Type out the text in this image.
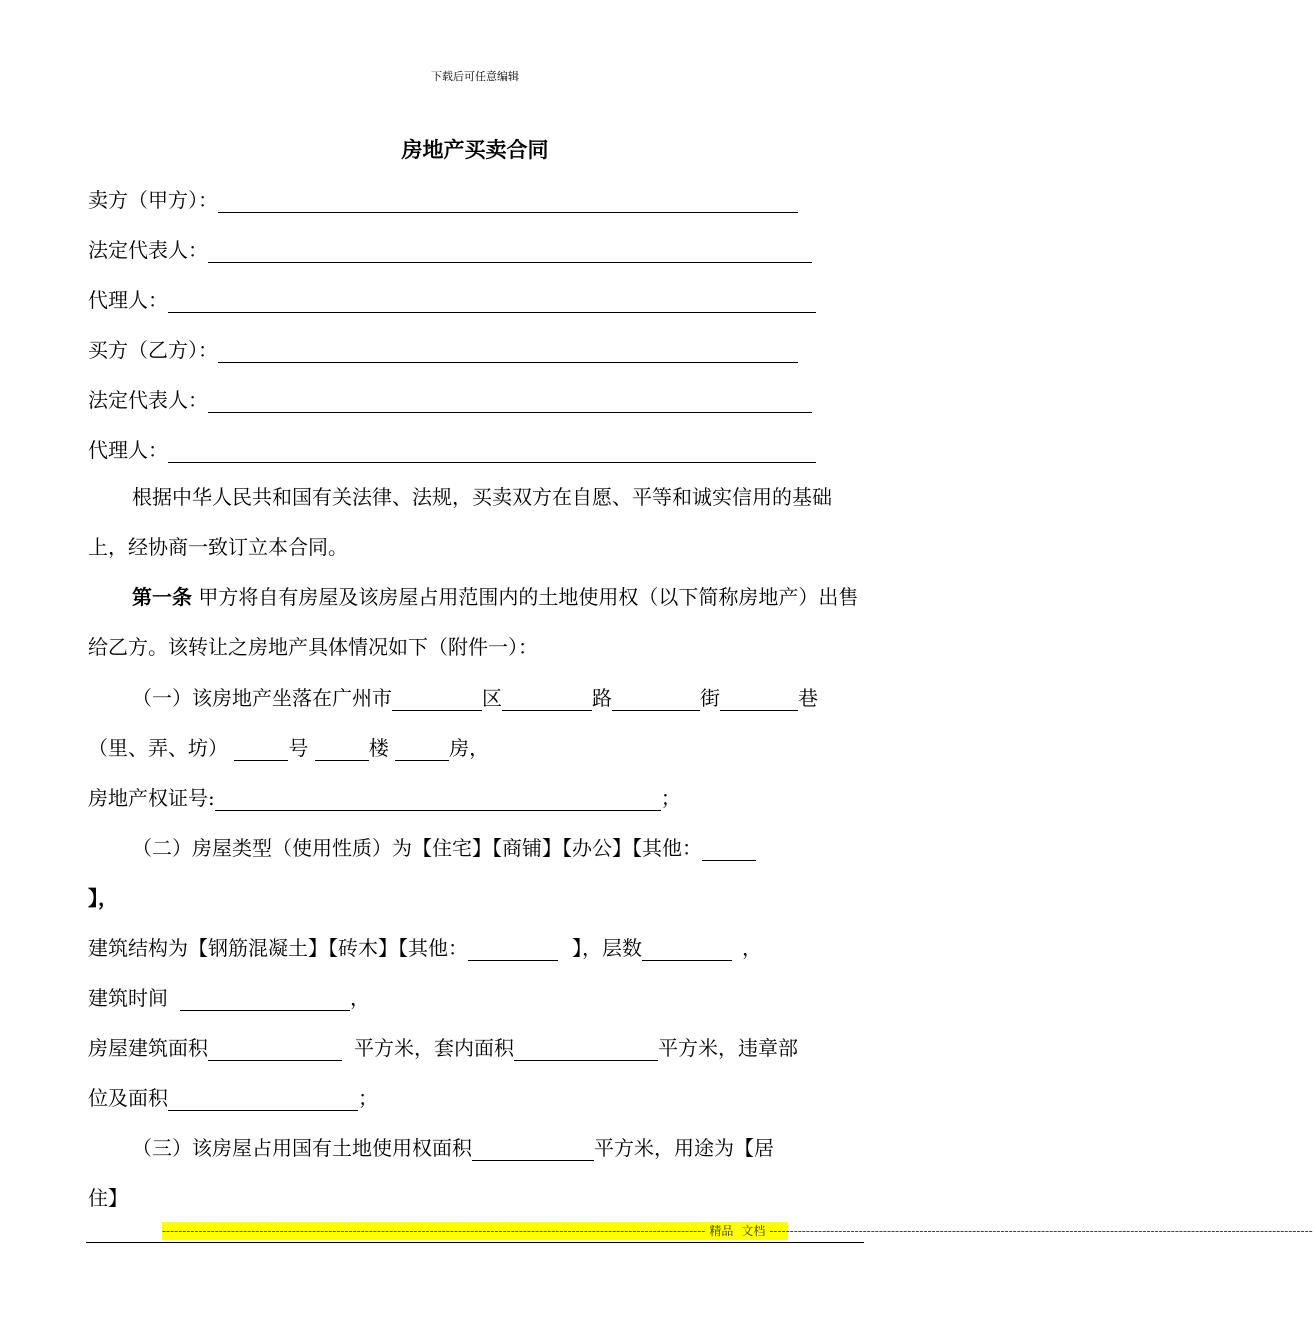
下载后可任意编辑
房地产买卖合同
卖方（甲方）：
法定代表人：
代理人：
买方（乙方）：
法定代表人：
代理人：
根据中华人民共和国有关法律、法规，买卖双方在自愿、平等和诚实信用的基础上，经协商一致订立本合同。
第一条 甲方将自有房屋及该房屋占用范围内的土地使用权（以下简称房地产）出售给乙方。该转让之房地产具体情况如下（附件一）：
（一）该房地产坐落在广州市	区	路	街	巷
（里、弄、坊）	号	楼	房，
房地产权证号:	；
（二）房屋类型（使用性质）为【住宅】【商铺】【办公】【其他：
】，
建筑结构为【钢筋混凝土】【砖木】【其他：	】，层数	，
建筑时间	，
房屋建筑面积	平方米，套内面积	平方米，违章部
位及面积	；
（三）该房屋占用国有土地使用权面积	平方米，用途为【居
住】
-------------------------------------------------------------------------------------------------------------------------------------- 精品 文档 --------------------------------------------------------------------------------------------------------------------------------------
